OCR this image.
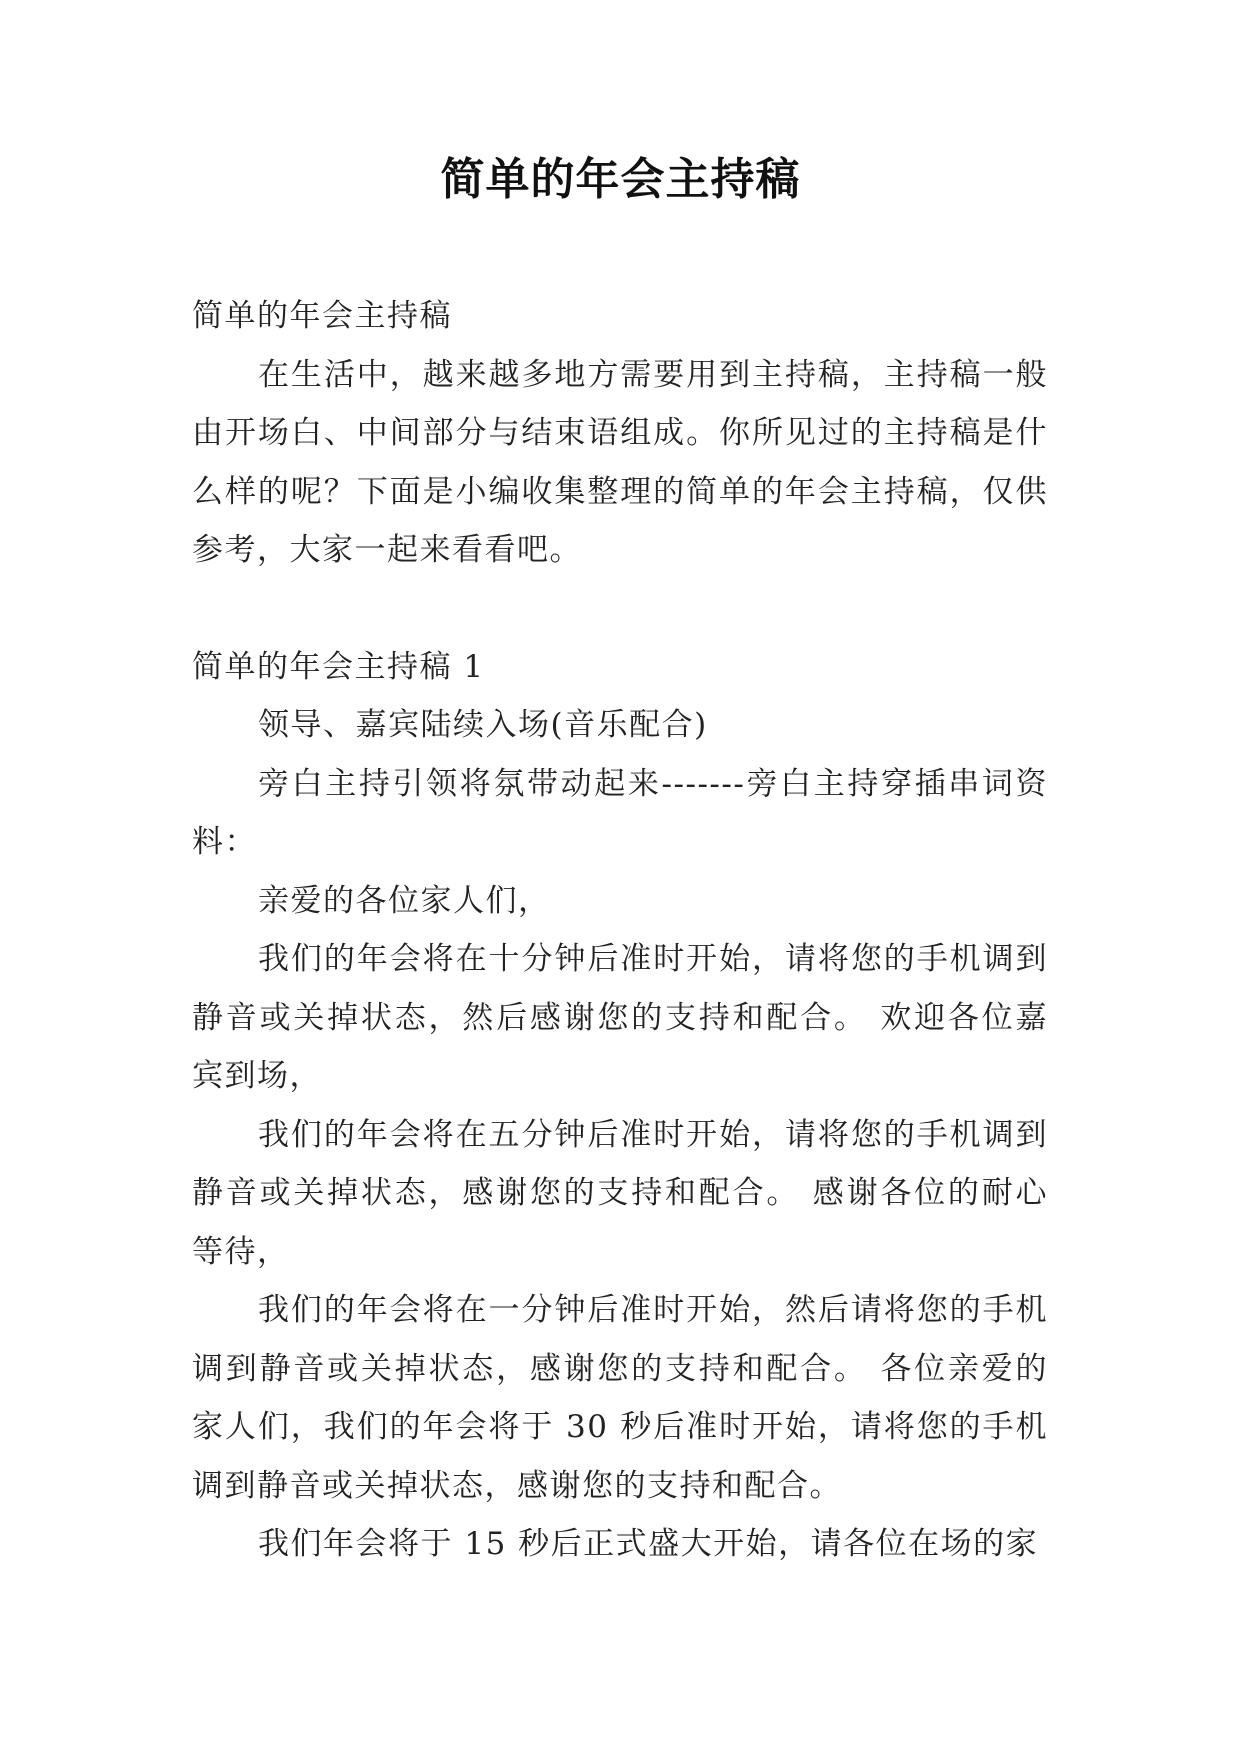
简单的年会主持稿

简单的年会主持稿

在生活中，越来越多地方需要用到主持稿，主持稿一般由开场白、中间部分与结束语组成。你所见过的主持稿是什么样的呢？下面是小编收集整理的简单的年会主持稿，仅供参考，大家一起来看看吧。

简单的年会主持稿 1

领导、嘉宾陆续入场(音乐配合)

旁白主持引领将氛带动起来-------旁白主持穿插串词资料：

亲爱的各位家人们，

我们的年会将在十分钟后准时开始，请将您的手机调到静音或关掉状态，然后感谢您的支持和配合。 欢迎各位嘉宾到场，

我们的年会将在五分钟后准时开始，请将您的手机调到静音或关掉状态，感谢您的支持和配合。 感谢各位的耐心等待，

我们的年会将在一分钟后准时开始，然后请将您的手机调到静音或关掉状态，感谢您的支持和配合。 各位亲爱的家人们，我们的年会将于 30 秒后准时开始，请将您的手机调到静音或关掉状态，感谢您的支持和配合。

我们年会将于 15 秒后正式盛大开始，请各位在场的家
